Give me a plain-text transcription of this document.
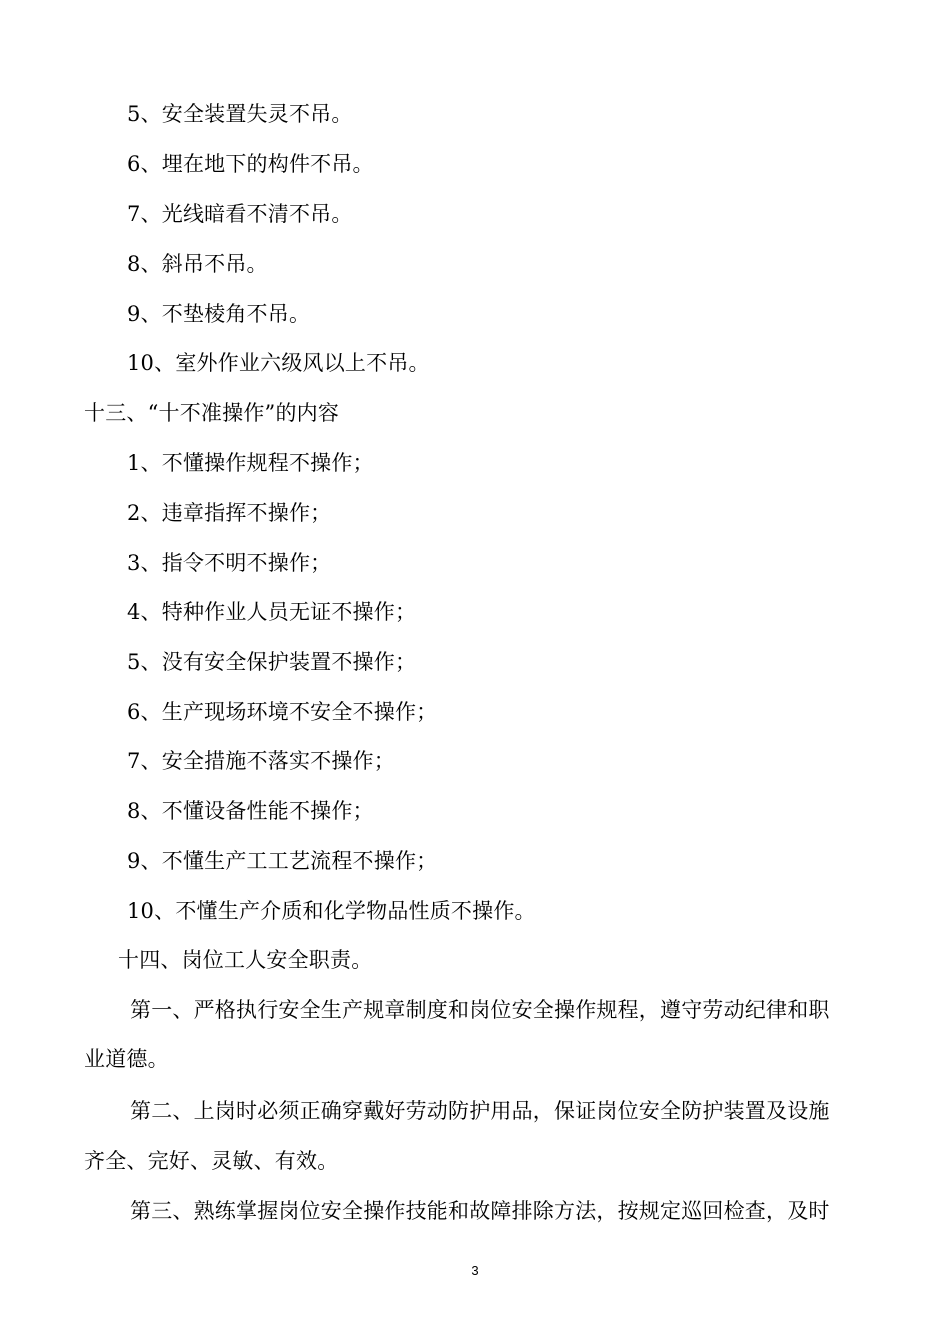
5、安全装置失灵不吊。
6、埋在地下的构件不吊。
7、光线暗看不清不吊。
8、斜吊不吊。
9、不垫棱角不吊。
10、室外作业六级风以上不吊。
十三、“十不准操作”的内容
1、不懂操作规程不操作；
2、违章指挥不操作；
3、指令不明不操作；
4、特种作业人员无证不操作；
5、没有安全保护装置不操作；
6、生产现场环境不安全不操作；
7、安全措施不落实不操作；
8、不懂设备性能不操作；
9、不懂生产工工艺流程不操作；
10、不懂生产介质和化学物品性质不操作。
十四、岗位工人安全职责。
第一、严格执行安全生产规章制度和岗位安全操作规程，遵守劳动纪律和职
业道德。
第二、上岗时必须正确穿戴好劳动防护用品，保证岗位安全防护装置及设施
齐全、完好、灵敏、有效。
第三、熟练掌握岗位安全操作技能和故障排除方法，按规定巡回检查，及时
3
